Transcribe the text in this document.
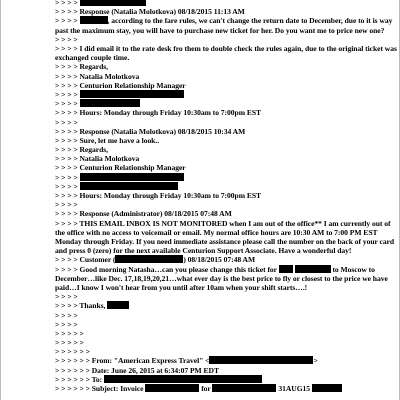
> > > >
> > > > Response (Natalia Molotkova) 08/18/2015 11:13 AM
> > > >	, according to the fare rules, we can't change the return date to December, due to it is way past the maximum stay, you will have to purchase new ticket for her. Do you want me to price new one?
> > > >
> > > > I did email it to the rate desk fro them to double check the rules again, due to the original ticket was exchanged couple time.
> > > > Regards,
> > > > Natalia Molotkova
> > > > Centurion Relationship Manager
> > > >
> > > >
> > > > Hours: Monday through Friday 10:30am to 7:00pm EST
> > > >
> > > > Response (Natalia Molotkova) 08/18/2015 10:34 AM
> > > > Sure, let me have a look..
> > > > Regards,
> > > > Natalia Molotkova
> > > > Centurion Relationship Manager
> > > >
> > > >
> > > > Hours: Monday through Friday 10:30am to 7:00pm EST
> > > >
> > > > Response (Administrator) 08/18/2015 07:48 AM
> > > > THIS EMAIL INBOX IS NOT MONITORED when I am out of the office** I am currently out of the office with no access to voicemail or email. My normal office hours are 10:30 AM to 7:00 PM EST Monday through Friday. If you need immediate assistance please call the number on the back of your card and press 0 (zero) for the next available Centurion Support Associate. Have a wonderful day!
> > > > Customer (	) 08/18/2015 07:48 AM
> > > > Good morning Natasha…can you please change this ticket for	to Moscow to December…like Dec. 17,18,19,20,21…what ever day is the best price to fly or closest to the price we have paid…I know I won't hear from you until after 10am when your shift starts….!
> > > >
> > > > Thanks,
> > > >
> > > >
> > > > >
> > > > >
> > > > > >
> > > > > > From: "American Express Travel" <	>
> > > > > > Date: June 26, 2015 at 6:34:07 PM EDT
> > > > > > To:
> > > > > > Subject: Invoice	for	31AUG15
